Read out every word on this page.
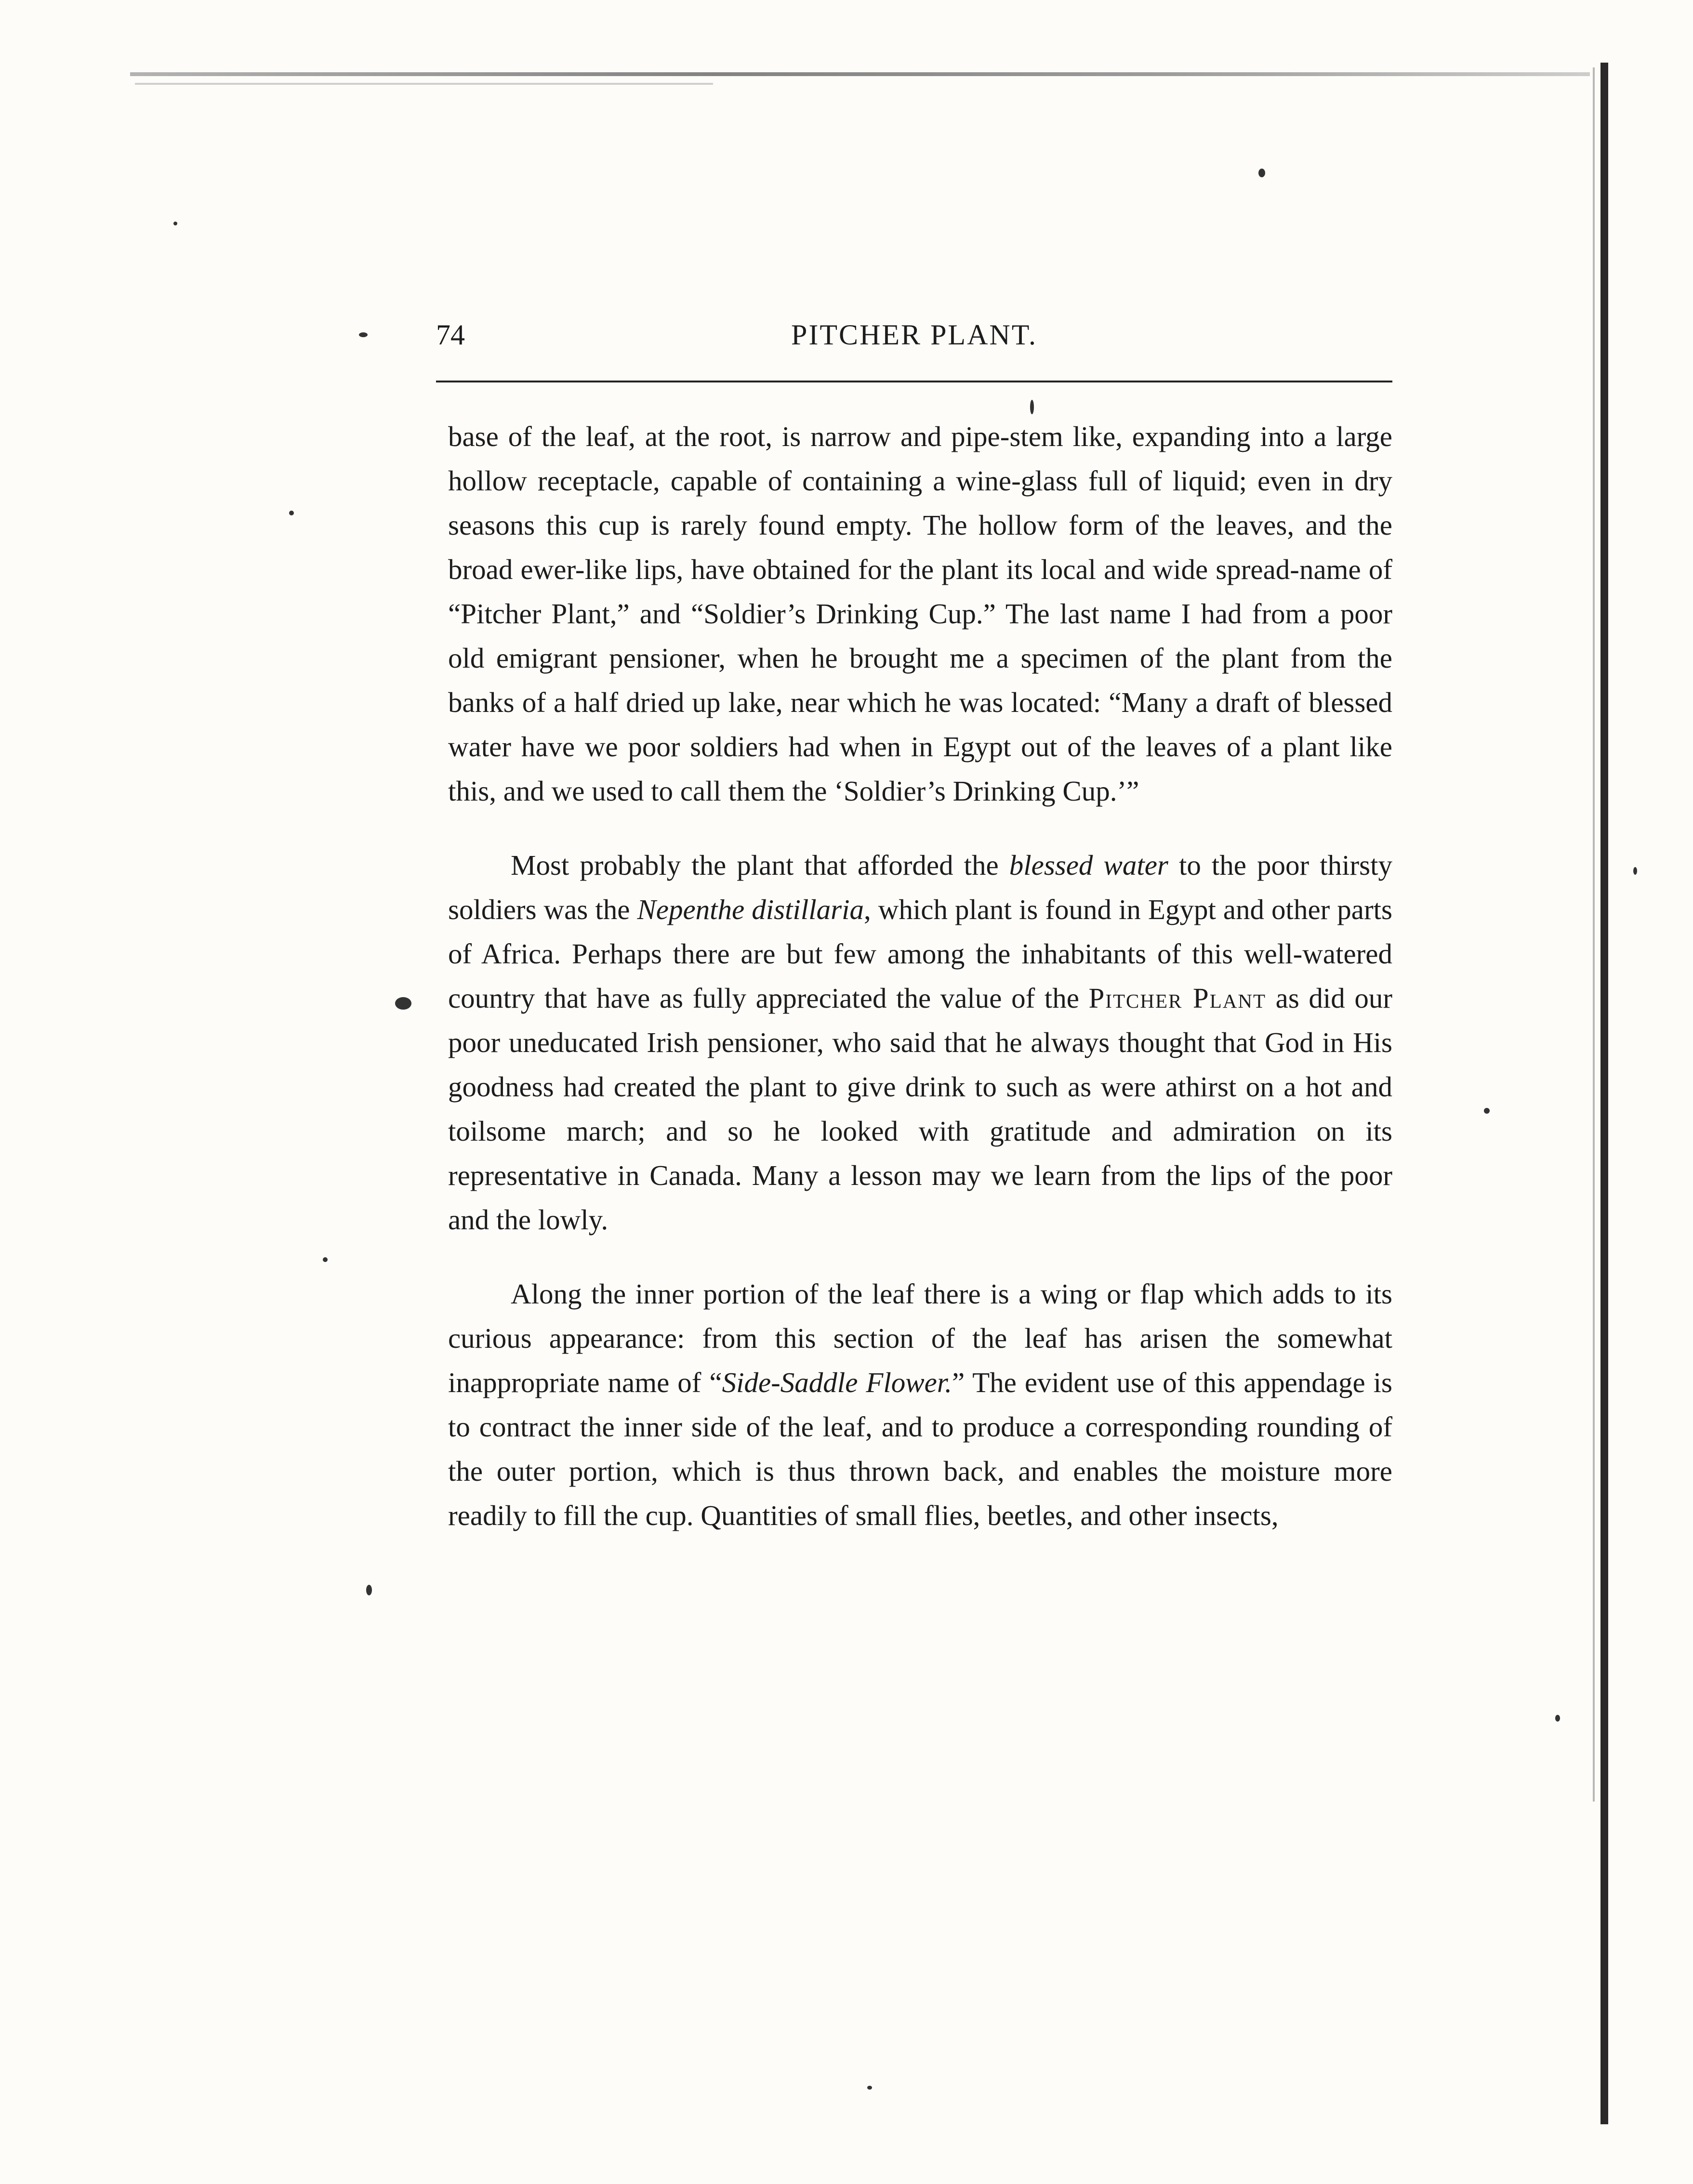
74	PITCHER PLANT.

base of the leaf, at the root, is narrow and pipe-stem like, expanding into a large hollow receptacle, capable of containing a wine-glass full of liquid; even in dry seasons this cup is rarely found empty. The hollow form of the leaves, and the broad ewer-like lips, have obtained for the plant its local and wide spread-name of “Pitcher Plant,” and “Soldier’s Drinking Cup.” The last name I had from a poor old emigrant pensioner, when he brought me a specimen of the plant from the banks of a half dried up lake, near which he was located: “Many a draft of blessed water have we poor soldiers had when in Egypt out of the leaves of a plant like this, and we used to call them the ‘Soldier’s Drinking Cup.’”

Most probably the plant that afforded the blessed water to the poor thirsty soldiers was the Nepenthe distillaria, which plant is found in Egypt and other parts of Africa. Perhaps there are but few among the inhabitants of this well-watered country that have as fully appreciated the value of the Pitcher Plant as did our poor uneducated Irish pensioner, who said that he always thought that God in His goodness had created the plant to give drink to such as were athirst on a hot and toilsome march; and so he looked with gratitude and admiration on its representative in Canada. Many a lesson may we learn from the lips of the poor and the lowly.

Along the inner portion of the leaf there is a wing or flap which adds to its curious appearance: from this section of the leaf has arisen the somewhat inappropriate name of “Side-Saddle Flower.” The evident use of this appendage is to contract the inner side of the leaf, and to produce a corresponding rounding of the outer portion, which is thus thrown back, and enables the moisture more readily to fill the cup. Quantities of small flies, beetles, and other insects,
